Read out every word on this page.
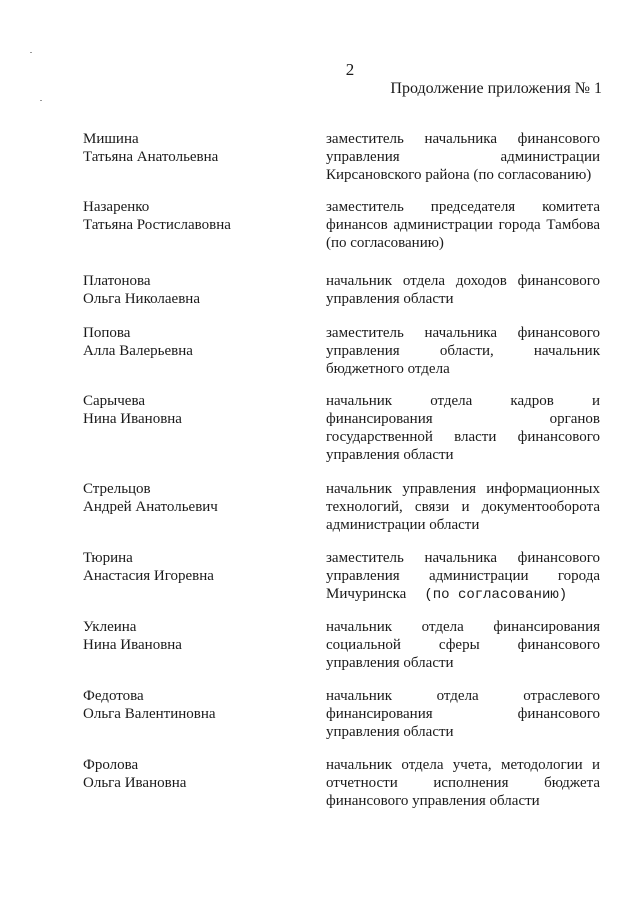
2
Продолжение приложения № 1
Мишина
Татьяна Анатольевна
заместитель начальника финансового
управления администрации
Кирсановского района (по согласованию)
Назаренко
Татьяна Ростиславовна
заместитель председателя комитета
финансов администрации города Тамбова
(по согласованию)
Платонова
Ольга Николаевна
начальник отдела доходов финансового
управления области
Попова
Алла Валерьевна
заместитель начальника финансового
управления области, начальник
бюджетного отдела
Сарычева
Нина Ивановна
начальник отдела кадров и
финансирования органов
государственной власти финансового
управления области
Стрельцов
Андрей Анатольевич
начальник управления информационных
технологий, связи и документооборота
администрации области
Тюрина
Анастасия Игоревна
заместитель начальника финансового
управления администрации города
Мичуринска (по согласованию)
Уклеина
Нина Ивановна
начальник отдела финансирования
социальной сферы финансового
управления области
Федотова
Ольга Валентиновна
начальник отдела отраслевого
финансирования финансового
управления области
Фролова
Ольга Ивановна
начальник отдела учета, методологии и
отчетности исполнения бюджета
финансового управления области
